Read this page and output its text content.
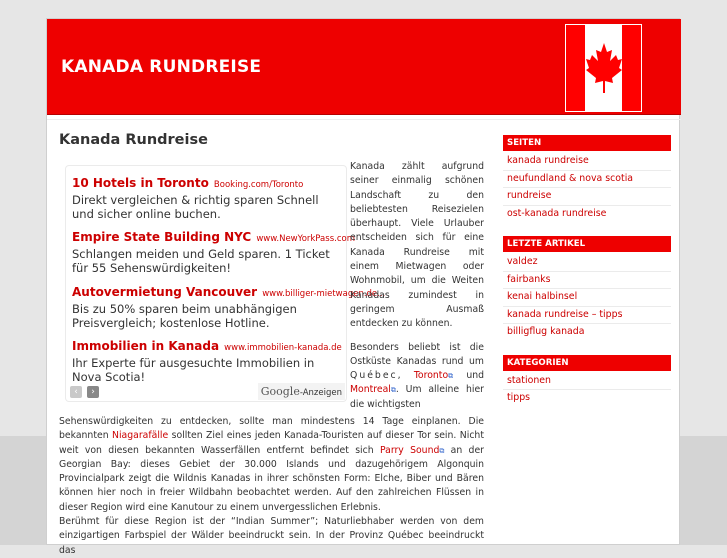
KANADA RUNDREISE
Kanada Rundreise
10 Hotels in Toronto Booking.com/Toronto
Direkt vergleichen & richtig sparen Schnell und sicher online buchen.
Empire State Building NYC www.NewYorkPass.com
Schlangen meiden und Geld sparen. 1 Ticket für 55 Sehenswürdigkeiten!
Autovermietung Vancouver www.billiger-mietwagen.de...
Bis zu 50% sparen beim unabhängigen Preisvergleich; kostenlose Hotline.
Immobilien in Kanada www.immobilien-kanada.de
Ihr Experte für ausgesuchte Immobilien in Nova Scotia!
‹ ›	Google-Anzeigen

Kanada zählt aufgrund seiner einmalig schönen Landschaft zu den beliebtesten Reisezielen überhaupt. Viele Urlauber entscheiden sich für eine Kanada Rundreise mit einem Mietwagen oder Wohnmobil, um die Weiten Kanadas zumindest in geringem Ausmaß entdecken zu können.

Besonders beliebt ist die Ostküste Kanadas rund um Québec, Toronto⧉ und Montreal⧉. Um alleine hier die wichtigsten

Sehenswürdigkeiten zu entdecken, sollte man mindestens 14 Tage einplanen. Die bekannten Niagarafälle sollten Ziel eines jeden Kanada-Touristen auf dieser Tor sein. Nicht weit von diesen bekannten Wasserfällen entfernt befindet sich Parry Sound⧉ an der Georgian Bay: dieses Gebiet der 30.000 Islands und dazugehörigem Algonquin Provincialpark zeigt die Wildnis Kanadas in ihrer schönsten Form: Elche, Biber und Bären können hier noch in freier Wildbahn beobachtet werden. Auf den zahlreichen Flüssen in dieser Region wird eine Kanutour zu einem unvergesslichen Erlebnis.

Berühmt für diese Region ist der “Indian Summer”; Naturliebhaber werden von dem einzigartigen Farbspiel der Wälder beeindruckt sein. In der Provinz Québec beeindruckt das

SEITEN
kanada rundreise
neufundland & nova scotia
rundreise
ost-kanada rundreise
LETZTE ARTIKEL
valdez
fairbanks
kenai halbinsel
kanada rundreise – tipps
billigflug kanada
KATEGORIEN
stationen
tipps
